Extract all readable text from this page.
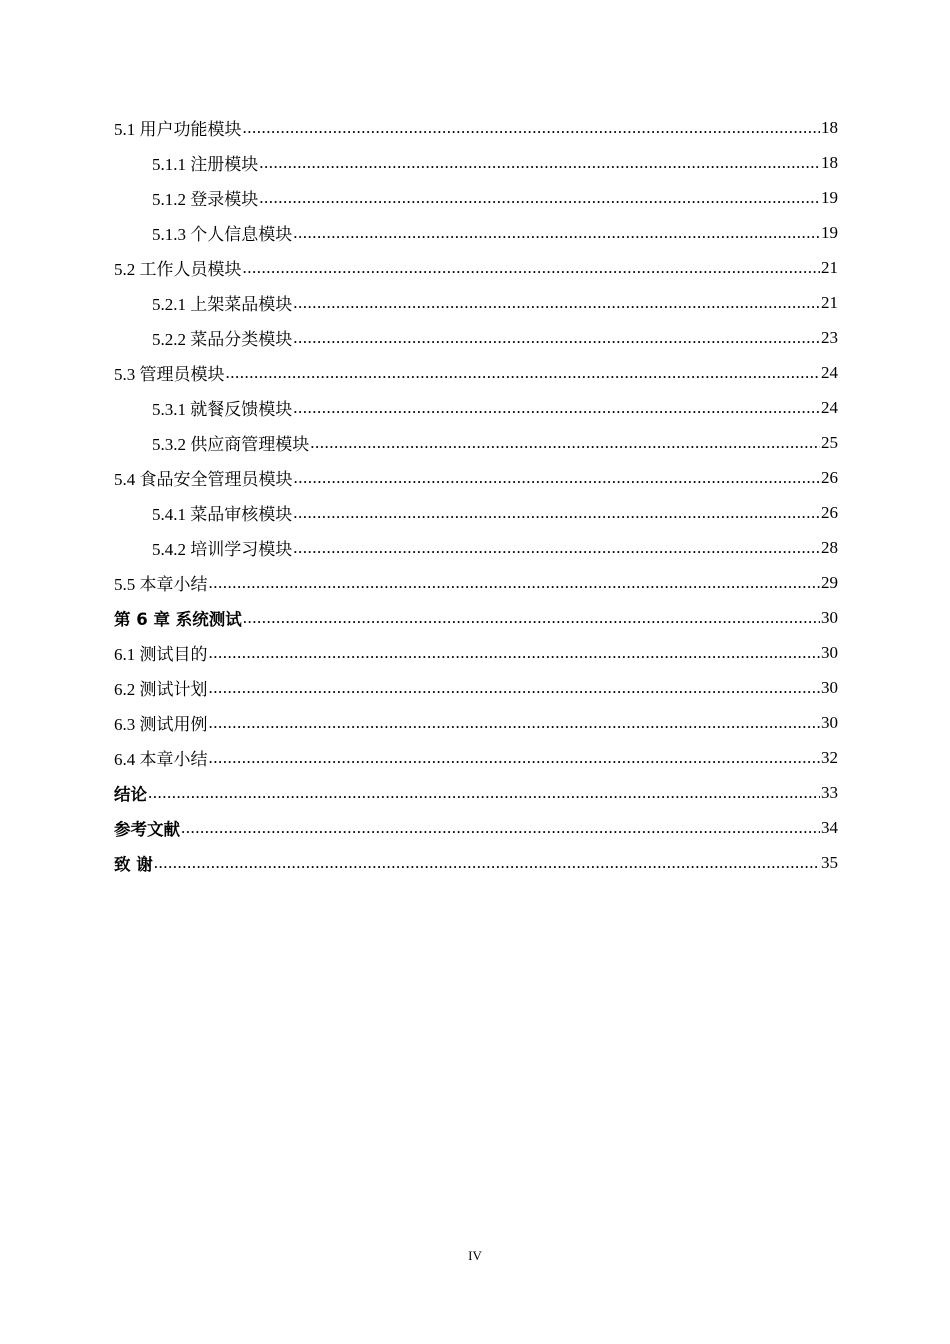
5.1 用户功能模块 .....	18
5.1.1 注册模块 .....	18
5.1.2 登录模块 .....	19
5.1.3 个人信息模块 .....	19
5.2 工作人员模块 .....	21
5.2.1 上架菜品模块 .....	21
5.2.2 菜品分类模块 .....	23
5.3 管理员模块 .....	24
5.3.1 就餐反馈模块 .....	24
5.3.2 供应商管理模块 .....	25
5.4 食品安全管理员模块 .....	26
5.4.1 菜品审核模块 .....	26
5.4.2 培训学习模块 .....	28
5.5 本章小结 .....	29
第 6 章 系统测试 .....	30
6.1 测试目的 .....	30
6.2 测试计划 .....	30
6.3 测试用例 .....	30
6.4 本章小结 .....	32
结论 .....	33
参考文献 .....	34
致 谢 .....	35
IV
